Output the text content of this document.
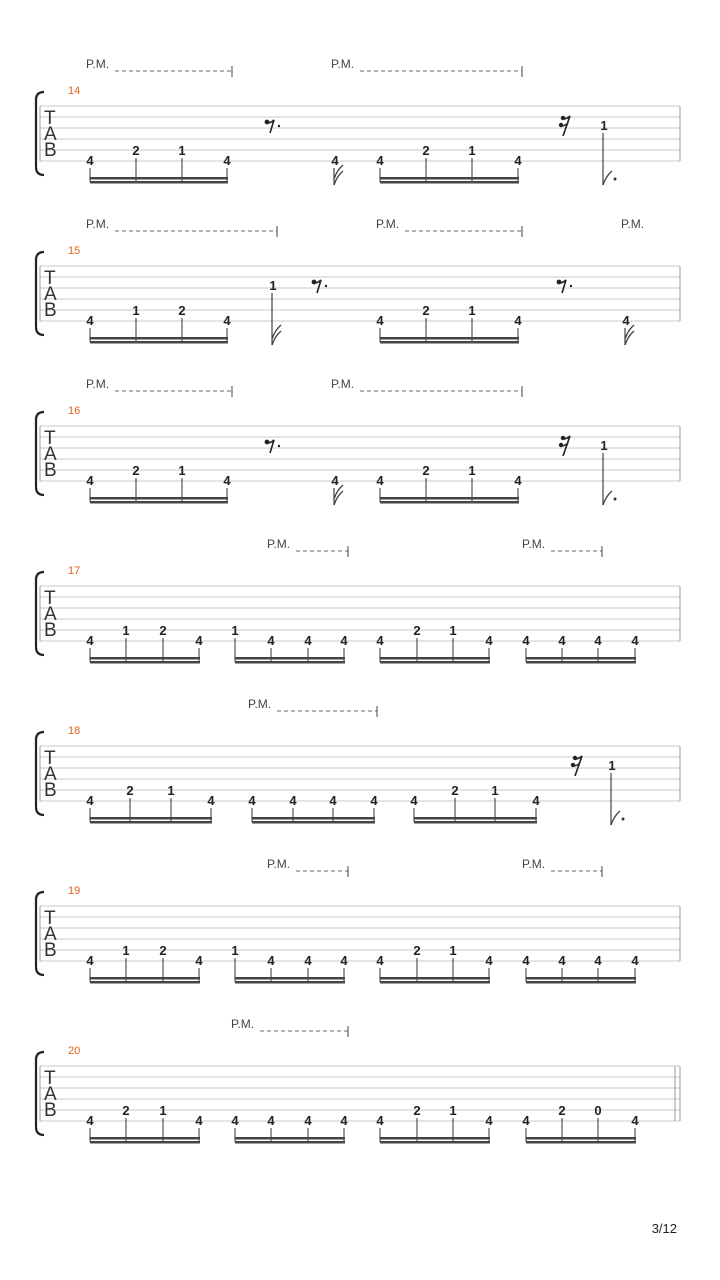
14
T
A
B
P.M.	P.M.
4
2	1
4	4
2	1
4
4
1
15
T
A
B
P.M.	P.M.	P.M.
4
1	2
4	4
2	1
4
1
4
16
T
A
B
P.M.	P.M.
4
2	1
4	4
2	1
4
4
1
17
T
A
B
P.M.	P.M.
4
1 2
4
1
4 4 4 4
2 1
4 4 4 4 4
18
T
A
B
P.M.
4
2	1
4	4	4	4	4	4
2	1
4
1
19
T
A
B
P.M.	P.M.
4
1 2
4
1
4 4 4 4
2 1
4 4 4 4 4
20
T
A
B
P.M.
4
2 1
4 4 4 4 4 4
2 1
4 4
2 0
4
3/12
